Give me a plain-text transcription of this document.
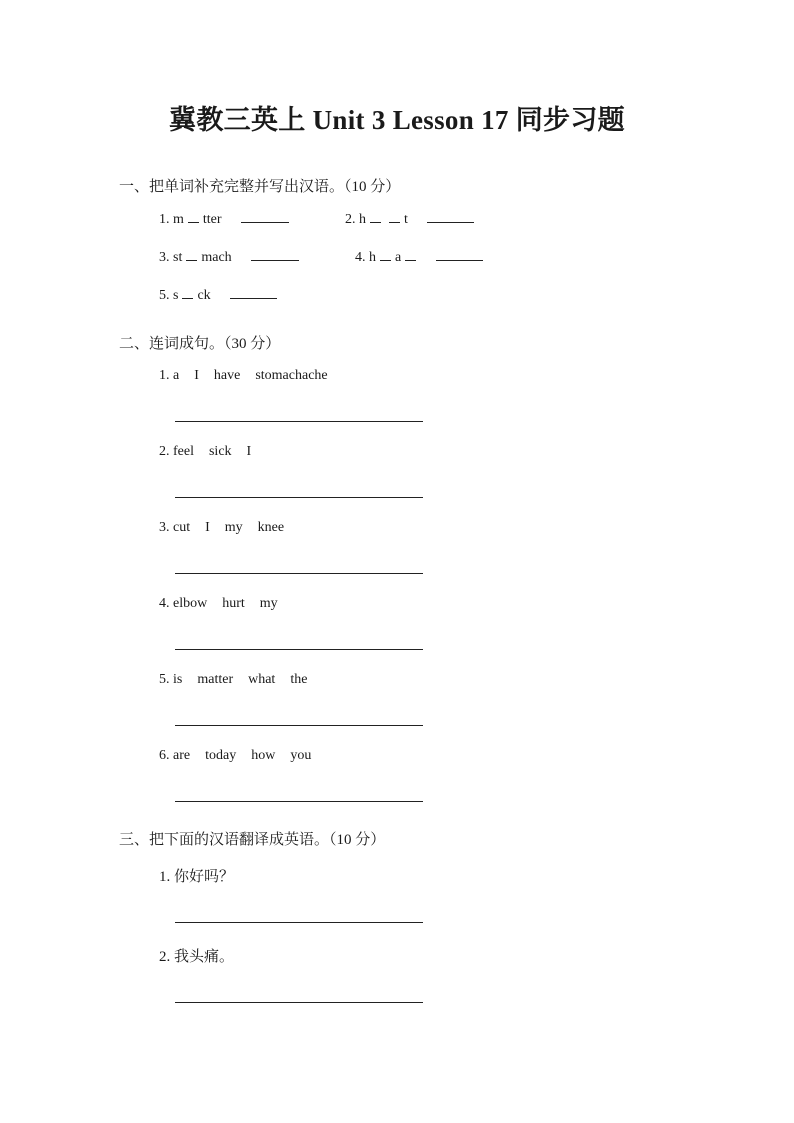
冀教三英上 Unit 3 Lesson 17 同步习题
一、把单词补充完整并写出汉语。（10 分）
1. m tter	2. h	t
3. st mach	4. h a
5. s ck
二、连词成句。（30 分）
1. a I have stomachache
2. feel sick I
3. cut I my knee
4. elbow hurt my
5. is matter what the
6. are today how you
三、把下面的汉语翻译成英语。（10 分）
1. 你好吗？
2. 我头痛。
